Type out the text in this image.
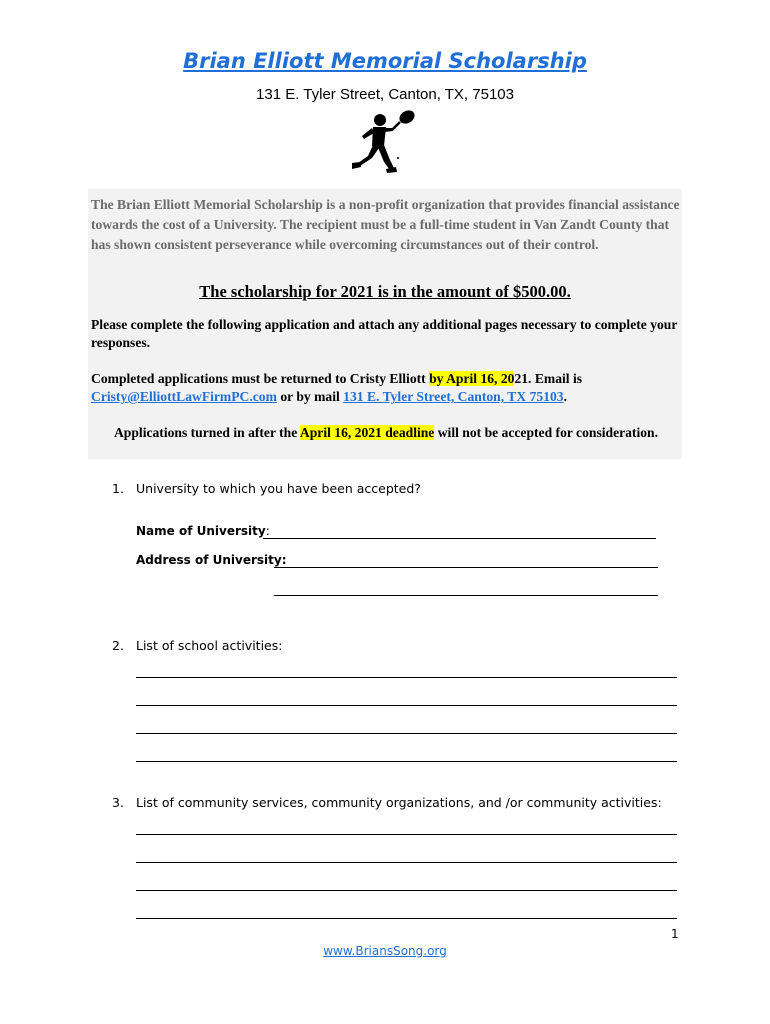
Brian Elliott Memorial Scholarship
131 E. Tyler Street, Canton, TX, 75103
The Brian Elliott Memorial Scholarship is a non-profit organization that provides financial assistance towards the cost of a University. The recipient must be a full-time student in Van Zandt County that has shown consistent perseverance while overcoming circumstances out of their control.
The scholarship for 2021 is in the amount of $500.00.
Please complete the following application and attach any additional pages necessary to complete your responses.
Completed applications must be returned to Cristy Elliott by April 16, 2021. Email is Cristy@ElliottLawFirmPC.com or by mail 131 E. Tyler Street, Canton, TX 75103.
Applications turned in after the April 16, 2021 deadline will not be accepted for consideration.
1. University to which you have been accepted?
Name of University:
Address of University:
2. List of school activities:
3. List of community services, community organizations, and /or community activities:
1
www.BriansSong.org
